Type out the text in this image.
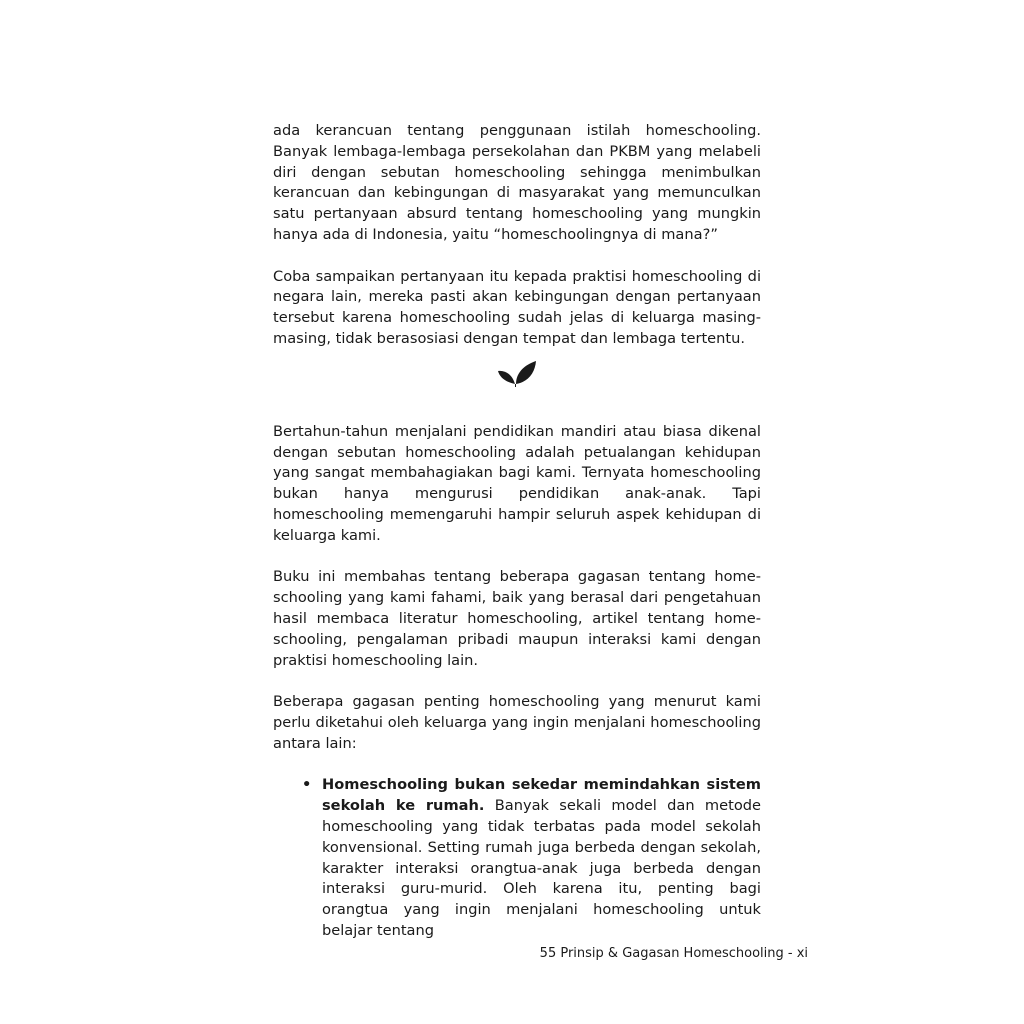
ada kerancuan tentang penggunaan istilah homeschooling. Banyak lembaga-lembaga persekolahan dan PKBM yang melabeli diri dengan sebutan homeschooling sehingga menimbulkan kerancuan dan kebingungan di masyarakat yang memunculkan satu pertanyaan absurd tentang homeschooling yang mungkin hanya ada di Indonesia, yaitu “homeschoolingnya di mana?”

Coba sampaikan pertanyaan itu kepada praktisi homeschooling di negara lain, mereka pasti akan kebingungan dengan pertanyaan tersebut karena homeschooling sudah jelas di keluarga masing-masing, tidak berasosiasi dengan tempat dan lembaga tertentu.

Bertahun-tahun menjalani pendidikan mandiri atau biasa dikenal dengan sebutan homeschooling adalah petualangan kehidupan yang sangat membahagiakan bagi kami. Ternyata homeschooling bukan hanya mengurusi pendidikan anak-anak. Tapi homeschooling memengaruhi hampir seluruh aspek kehidupan di keluarga kami.

Buku ini membahas tentang beberapa gagasan tentang home-schooling yang kami fahami, baik yang berasal dari pengetahuan hasil membaca literatur homeschooling, artikel tentang home-schooling, pengalaman pribadi maupun interaksi kami dengan praktisi homeschooling lain.

Beberapa gagasan penting homeschooling yang menurut kami perlu diketahui oleh keluarga yang ingin menjalani homeschooling antara lain:

• Homeschooling bukan sekedar memindahkan sistem sekolah ke rumah. Banyak sekali model dan metode homeschooling yang tidak terbatas pada model sekolah konvensional. Setting rumah juga berbeda dengan sekolah, karakter interaksi orangtua-anak juga berbeda dengan interaksi guru-murid. Oleh karena itu, penting bagi orangtua yang ingin menjalani homeschooling untuk belajar tentang
55 Prinsip & Gagasan Homeschooling - xi
